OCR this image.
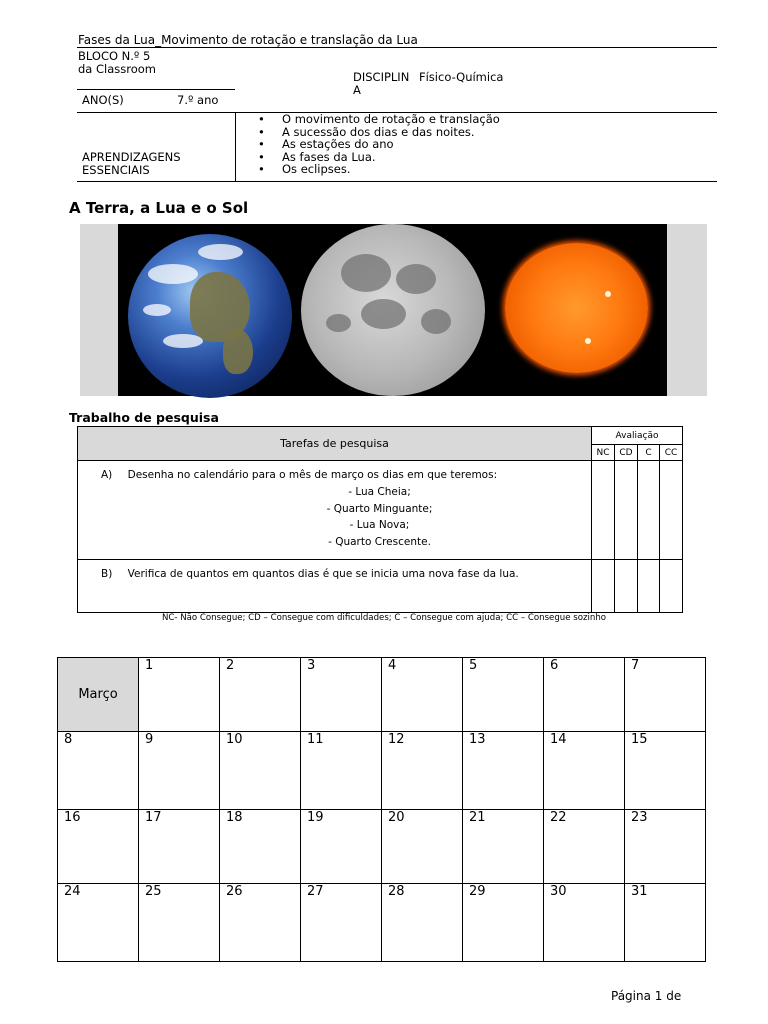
Fases da Lua_Movimento de rotação e translação da Lua
BLOCO N.º 5
da Classroom
DISCIPLIN
A
Físico-Química
ANO(S)	7.º ano
APRENDIZAGENS
ESSENCIAIS
• O movimento de rotação e translação
• A sucessão dos dias e das noites.
• As estações do ano
• As fases da Lua.
• Os eclipses.
A Terra, a Lua e o Sol
Trabalho de pesquisa
Tarefas de pesquisa	Avaliação			
	NC	CD	C	CC

A) Desenha no calendário para o mês de março os dias em que teremos:
- Lua Cheia;
- Quarto Minguante;
- Lua Nova;
- Quarto Crescente.				

B) Verifica de quantos em quantos dias é que se inicia uma nova fase da lua.				

NC- Não Consegue; CD – Consegue com dificuldades; C – Consegue com ajuda; CC – Consegue sozinho
Março	1	2	3	4	5	6	7
8	9	10	11	12	13	14	15
16	17	18	19	20	21	22	23
24	25	26	27	28	29	30	31
Página 1 de
